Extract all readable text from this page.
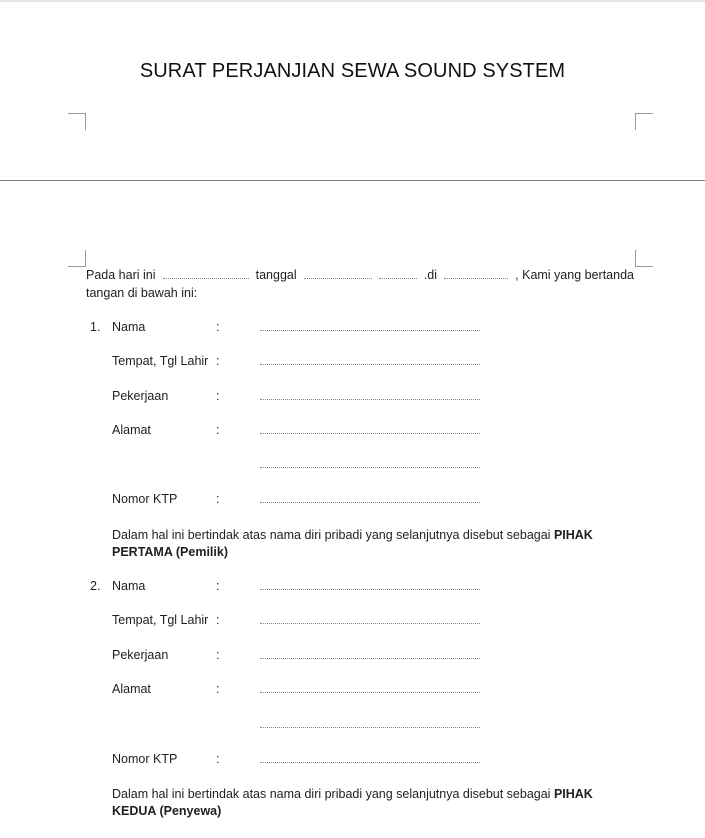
SURAT PERJANJIAN SEWA SOUND SYSTEM
Pada hari ini	tanggal	.di	, Kami yang bertanda
tangan di bawah ini:
1. Nama	:
Tempat, Tgl Lahir :
Pekerjaan	:
Alamat	:
Nomor KTP	:
Dalam hal ini bertindak atas nama diri pribadi yang selanjutnya disebut sebagai PIHAK PERTAMA (Pemilik)
2. Nama	:
Tempat, Tgl Lahir :
Pekerjaan	:
Alamat	:
Nomor KTP	:
Dalam hal ini bertindak atas nama diri pribadi yang selanjutnya disebut sebagai PIHAK KEDUA (Penyewa)
